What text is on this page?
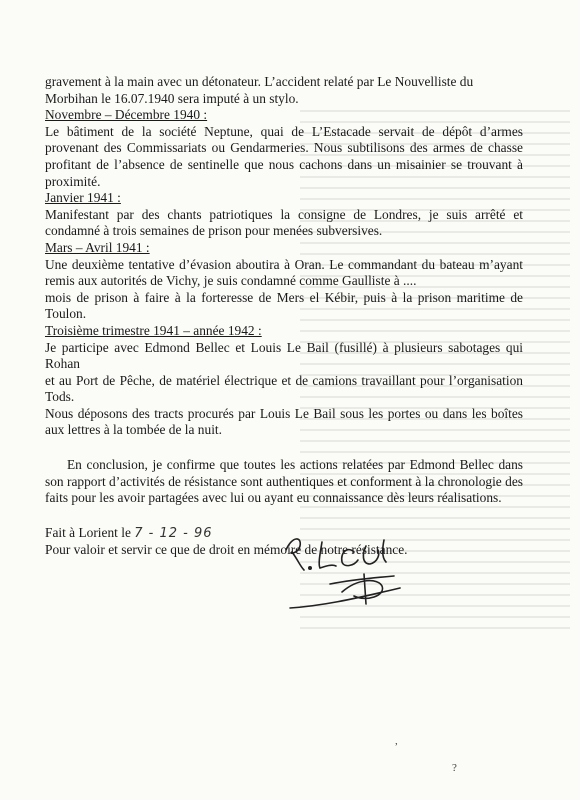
gravement à la main avec un détonateur. L’accident relaté par Le Nouvelliste du

Morbihan le 16.07.1940 sera imputé à un stylo.

Novembre – Décembre 1940 :

Le bâtiment de la société Neptune, quai de L’Estacade servait de dépôt d’armes provenant des Commissariats ou Gendarmeries. Nous subtilisons des armes de chasse profitant de l’absence de sentinelle que nous cachons dans un misainier se trouvant à proximité.

Janvier 1941 :

Manifestant par des chants patriotiques la consigne de Londres, je suis arrêté et condamné à trois semaines de prison pour menées subversives.

Mars – Avril 1941 :

Une deuxième tentative d’évasion aboutira à Oran. Le commandant du bateau m’ayant remis aux autorités de Vichy, je suis condamné comme Gaulliste à ....

mois de prison à faire à la forteresse de Mers el Kébir, puis à la prison maritime de Toulon.

Troisième trimestre 1941 – année 1942 :

Je participe avec Edmond Bellec et Louis Le Bail (fusillé) à plusieurs sabotages qui Rohan

et au Port de Pêche, de matériel électrique et de camions travaillant pour l’organisation Tods.

Nous déposons des tracts procurés par Louis Le Bail sous les portes ou dans les boîtes aux lettres à la tombée de la nuit.

En conclusion, je confirme que toutes les actions relatées par Edmond Bellec dans son rapport d’activités de résistance sont authentiques et conforment à la chronologie des faits pour les avoir partagées avec lui ou ayant eu connaissance dès leurs réalisations.

Fait à Lorient le 7 - 12 - 96

Pour valoir et servir ce que de droit en mémoire de notre résistance.

,
?
